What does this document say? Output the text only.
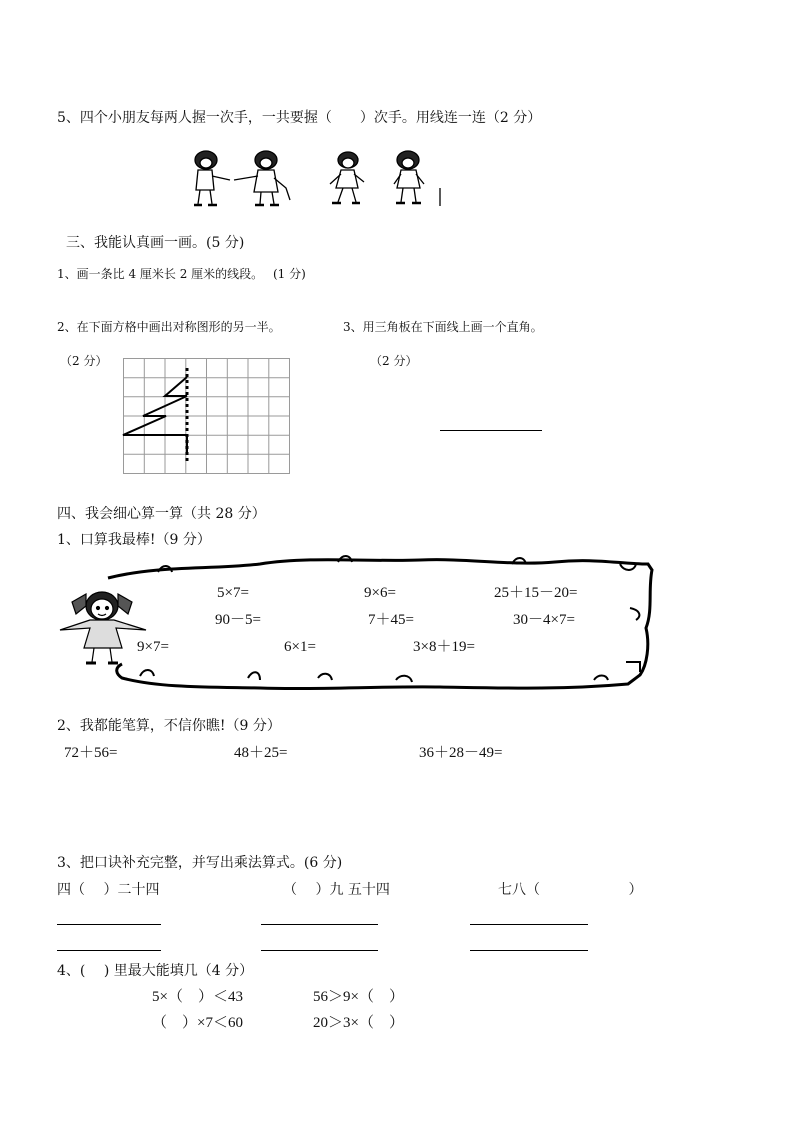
5、四个小朋友每两人握一次手，一共要握（　　）次手。用线连一连（2 分）
三、我能认真画一画。(5 分)
1、画一条比 4 厘米长 2 厘米的线段。　 (1 分)
2、在下面方格中画出对称图形的另一半。	3、用三角板在下面线上画一个直角。
（2 分）	（2 分）
四、我会细心算一算（共 28 分）
1、口算我最棒!（9 分）
5×7=	9×6=	25＋15－20=
90－5=	7＋45=	30－4×7=
9×7=	6×1=	3×8＋19=
2、我都能笔算，不信你瞧!（9 分）
72＋56=	48＋25=	36＋28－49=
3、把口诀补充完整，并写出乘法算式。(6 分)
四（　 ）二十四	（　 ）九 五十四	七八（　　　　　　 ）
4、(　 ) 里最大能填几（4 分）
5×（　）＜43	56＞9×（　）
（　）×7＜60	20＞3×（　）
